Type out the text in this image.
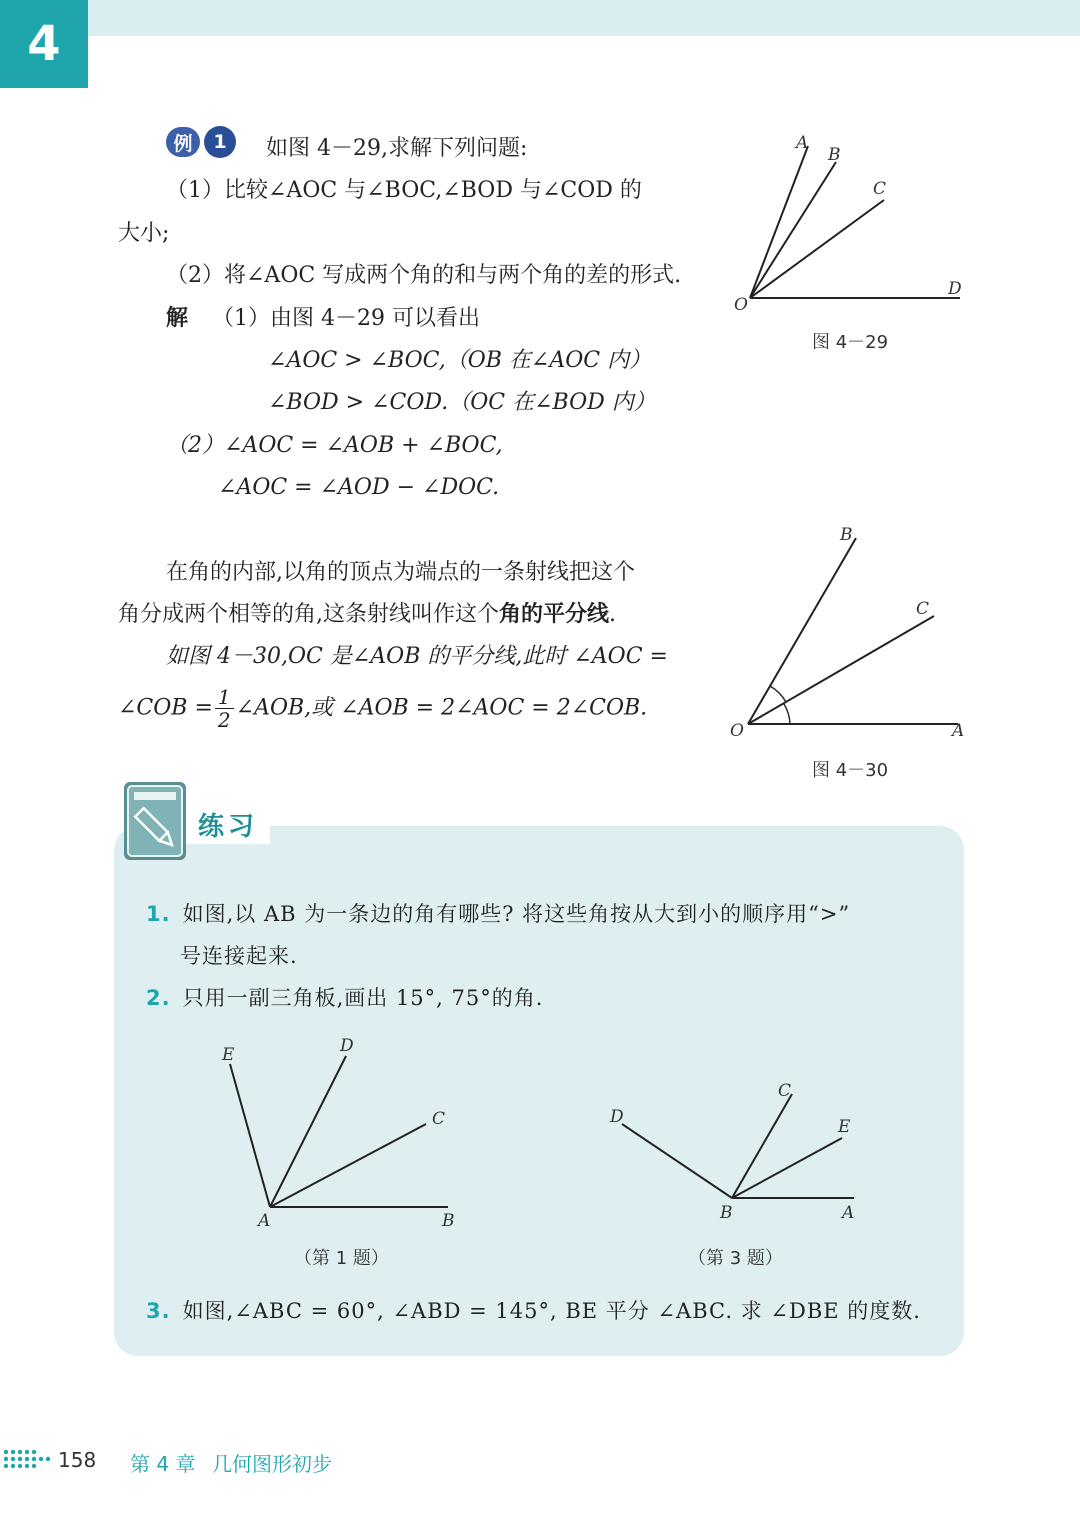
4
例	1	如图 4－29,求解下列问题:
（1）比较∠AOC 与∠BOC,∠BOD 与∠COD 的
大小;
（2）将∠AOC 写成两个角的和与两个角的差的形式.
解 （1）由图 4－29 可以看出
∠AOC > ∠BOC,（OB 在∠AOC 内）
∠BOD > ∠COD.（OC 在∠BOD 内）
（2）∠AOC = ∠AOB + ∠BOC,
∠AOC = ∠AOD − ∠DOC.
A
B
C
D
O
图 4－29
在角的内部,以角的顶点为端点的一条射线把这个
角分成两个相等的角,这条射线叫作这个角的平分线.
如图 4－30,OC 是∠AOB 的平分线,此时 ∠AOC =
∠COB = $\frac{1}{2}$ ∠AOB,或 ∠AOB = 2∠AOC = 2∠COB.
B
C
O	A
图 4－30
练习
1. 如图,以 AB 为一条边的角有哪些? 将这些角按从大到小的顺序用“>”
号连接起来.
2. 只用一副三角板,画出 15°, 75°的角.
E	D
C
A	B
（第 1 题）
D
C
E
B	A
（第 3 题）
3. 如图,∠ABC = 60°, ∠ABD = 145°, BE 平分 ∠ABC. 求 ∠DBE 的度数.
158 第 4 章 几何图形初步
